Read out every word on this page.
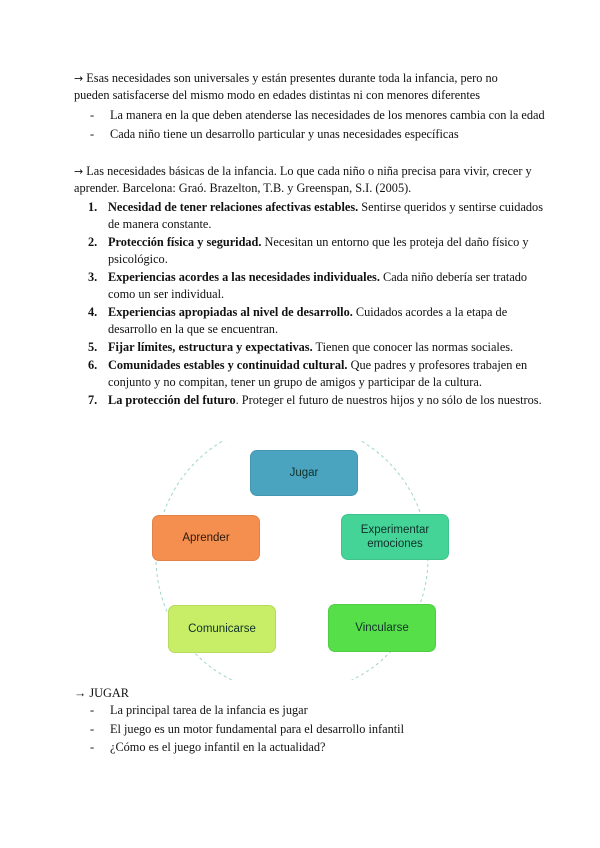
→ Esas necesidades son universales y están presentes durante toda la infancia, pero no pueden satisfacerse del mismo modo en edades distintas ni con menores diferentes

- La manera en la que deben atenderse las necesidades de los menores cambia con la edad
- Cada niño tiene un desarrollo particular y unas necesidades específicas

→ Las necesidades básicas de la infancia. Lo que cada niño o niña precisa para vivir, crecer y aprender. Barcelona: Graó. Brazelton, T.B. y Greenspan, S.I. (2005).

1. Necesidad de tener relaciones afectivas estables. Sentirse queridos y sentirse cuidados de manera constante.
2. Protección física y seguridad. Necesitan un entorno que les proteja del daño físico y psicológico.
3. Experiencias acordes a las necesidades individuales. Cada niño debería ser tratado como un ser individual.
4. Experiencias apropiadas al nivel de desarrollo. Cuidados acordes a la etapa de desarrollo en la que se encuentran.
5. Fijar límites, estructura y expectativas. Tienen que conocer las normas sociales.
6. Comunidades estables y continuidad cultural. Que padres y profesores trabajen en conjunto y no compitan, tener un grupo de amigos y participar de la cultura.
7. La protección del futuro. Proteger el futuro de nuestros hijos y no sólo de los nuestros.
Jugar
Experimentar emociones
Vincularse
Comunicarse
Aprender

→ JUGAR

- La principal tarea de la infancia es jugar
- El juego es un motor fundamental para el desarrollo infantil
- ¿Cómo es el juego infantil en la actualidad?
